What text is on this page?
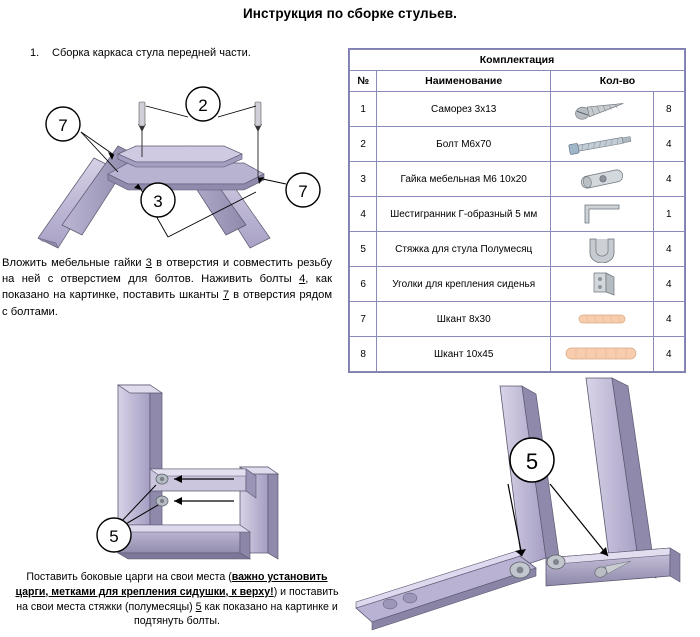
Инструкция по сборке стульев.
1. Сборка каркаса стула передней части.
2
7
7
3
Вложить мебельные гайки 3 в отверстия и совместить резьбу на ней с отверстием для болтов. Наживить болты 4, как показано на картинке, поставить шканты 7 в отверстия рядом с болтами.
Комплектация			
№	Наименование	Кол-во	
1	Саморез 3х13		8
2	Болт М6х70		4
3	Гайка мебельная М6 10х20		4
4	Шестигранник Г-образный 5 мм		1
5	Стяжка для стула Полумесяц		4
6	Уголки для крепления сиденья		4
7	Шкант 8х30		4
8	Шкант 10х45		4
5
Поставить боковые царги на свои места (важно установить царги, метками для крепления сидушки, к верху!) и поставить на свои места стяжки (полумесяцы) 5 как показано на картинке и подтянуть болты.
5
